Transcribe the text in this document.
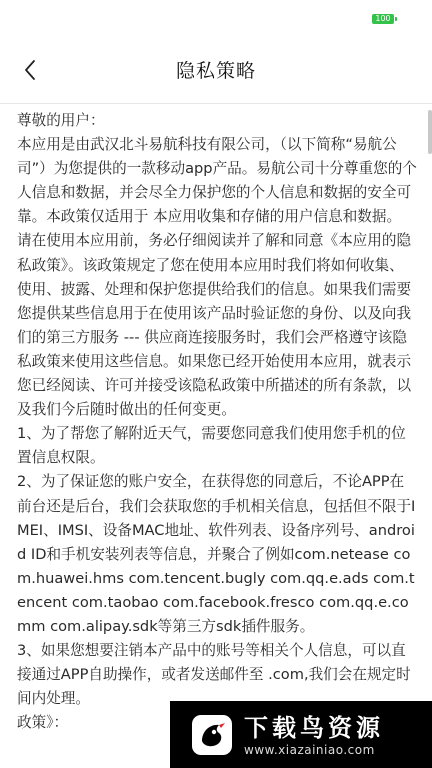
100
隐私策略

尊敬的用户：

本应用是由武汉北斗易航科技有限公司，（以下简称“易航公司”）为您提供的一款移动app产品。易航公司十分尊重您的个人信息和数据，并会尽全力保护您的个人信息和数据的安全可靠。本政策仅适用于 本应用收集和存储的用户信息和数据。

请在使用本应用前，务必仔细阅读并了解和同意《本应用的隐私政策》。该政策规定了您在使用本应用时我们将如何收集、使用、披露、处理和保护您提供给我们的信息。如果我们需要您提供某些信息用于在使用该产品时验证您的身份、以及向我们的第三方服务 --- 供应商连接服务时，我们会严格遵守该隐私政策来使用这些信息。如果您已经开始使用本应用，就表示您已经阅读、许可并接受该隐私政策中所描述的所有条款，以及我们今后随时做出的任何变更。

1、为了帮您了解附近天气，需要您同意我们使用您手机的位置信息权限。

2、为了保证您的账户安全，在获得您的同意后，不论APP在前台还是后台，我们会获取您的手机相关信息，包括但不限于IMEI、IMSI、设备MAC地址、软件列表、设备序列号、android ID和手机安装列表等信息，并聚合了例如com.netease com.huawei.hms com.tencent.bugly com.qq.e.ads com.tencent com.taobao com.facebook.fresco com.qq.e.comm com.alipay.sdk等第三方sdk插件服务。

3、如果您想要注销本产品中的账号等相关个人信息，可以直接通过APP自助操作，或者发送邮件至 .com,我们会在规定时间内处理。

政策》：	下载鸟资源
www.xiazainiao.com
